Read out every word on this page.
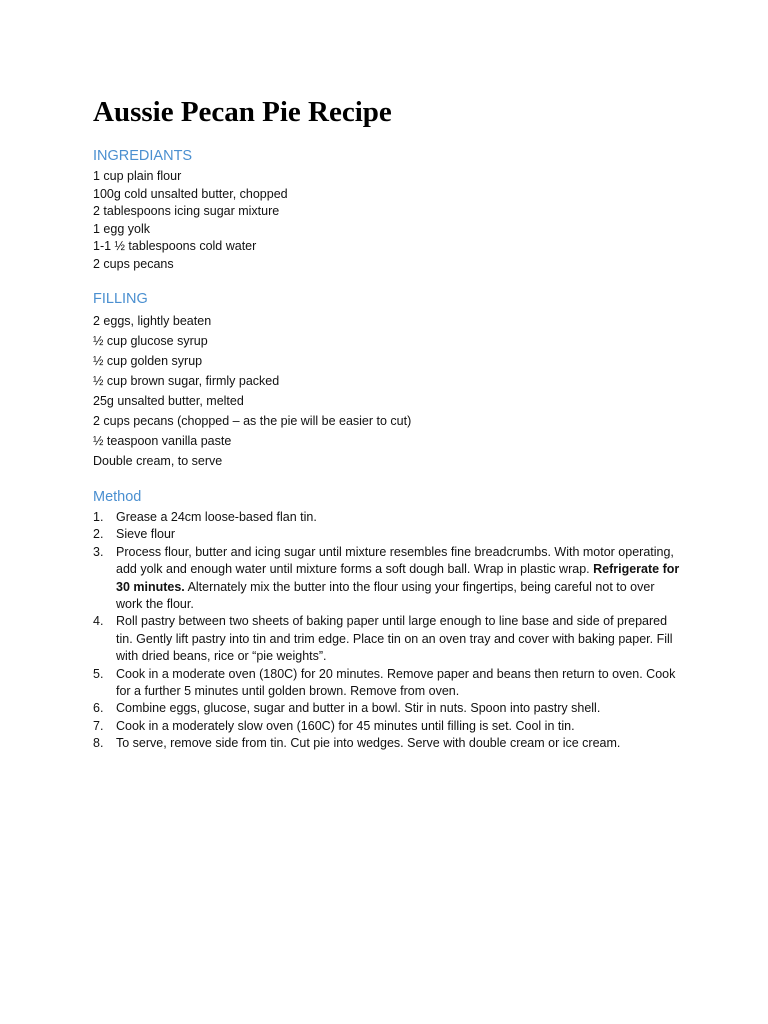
Aussie Pecan Pie Recipe
INGREDIANTS
1 cup plain flour
100g cold unsalted butter, chopped
2 tablespoons icing sugar mixture
1 egg yolk
1-1 ½ tablespoons cold water
2 cups pecans
FILLING
2 eggs, lightly beaten
½ cup glucose syrup
½ cup golden syrup
½ cup brown sugar, firmly packed
25g unsalted butter, melted
2 cups pecans (chopped – as the pie will be easier to cut)
½ teaspoon vanilla paste
Double cream, to serve
Method
1.	Grease a 24cm loose-based flan tin.
2.	Sieve flour
3.	Process flour, butter and icing sugar until mixture resembles fine breadcrumbs. With motor operating, add yolk and enough water until mixture forms a soft dough ball. Wrap in plastic wrap. Refrigerate for 30 minutes. Alternately mix the butter into the flour using your fingertips, being careful not to over work the flour.
4.	Roll pastry between two sheets of baking paper until large enough to line base and side of prepared tin. Gently lift pastry into tin and trim edge. Place tin on an oven tray and cover with baking paper. Fill with dried beans, rice or “pie weights”.
5.	Cook in a moderate oven (180C) for 20 minutes. Remove paper and beans then return to oven. Cook for a further 5 minutes until golden brown. Remove from oven.
6.	Combine eggs, glucose, sugar and butter in a bowl. Stir in nuts. Spoon into pastry shell.
7.	Cook in a moderately slow oven (160C) for 45 minutes until filling is set. Cool in tin.
8.	To serve, remove side from tin. Cut pie into wedges. Serve with double cream or ice cream.
